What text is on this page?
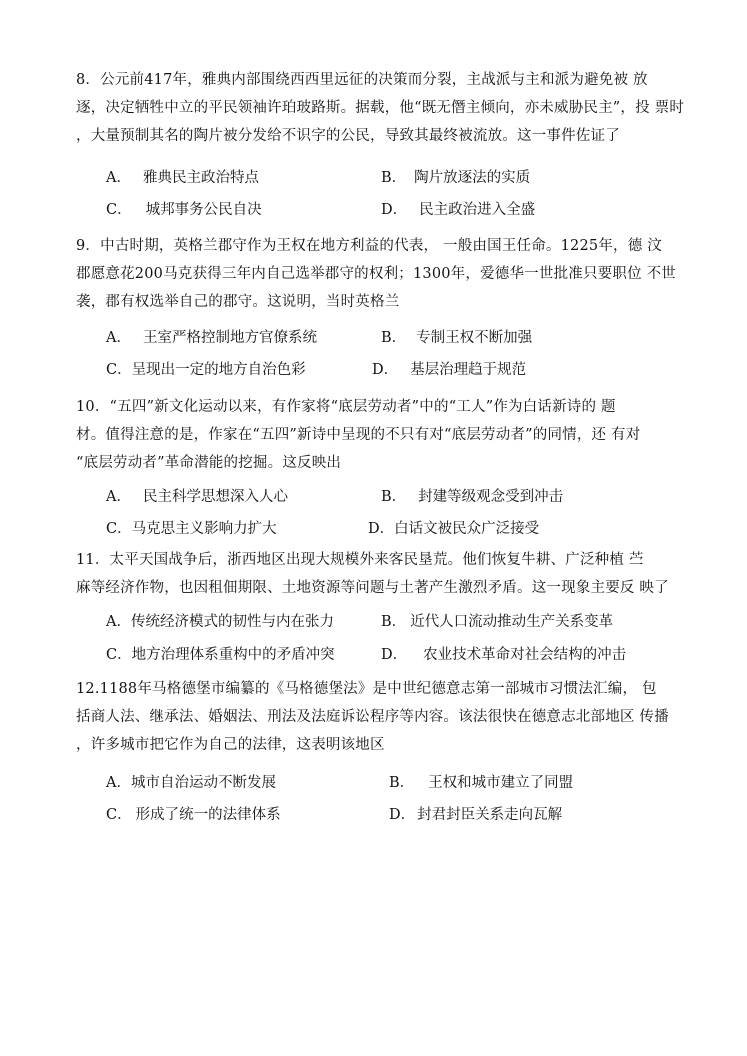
8．公元前417年，雅典内部围绕西西里远征的决策而分裂，主战派与主和派为避免被 放
逐，决定牺牲中立的平民领袖许珀玻路斯。据载，他“既无僭主倾向，亦未威胁民主”，投 票时
，大量预制其名的陶片被分发给不识字的公民，导致其最终被流放。这一事件佐证了
A． 雅典民主政治特点	B． 陶片放逐法的实质
C． 城邦事务公民自决	D． 民主政治进入全盛
9．中古时期，英格兰郡守作为王权在地方利益的代表， 一般由国王任命。1225年，德 汶
郡愿意花200马克获得三年内自己选举郡守的权利；1300年，爱德华一世批准只要职位 不世
袭，郡有权选举自己的郡守。这说明，当时英格兰
A． 王室严格控制地方官僚系统	B． 专制王权不断加强
C．呈现出一定的地方自治色彩	D． 基层治理趋于规范
10．“五四”新文化运动以来，有作家将“底层劳动者”中的“工人”作为白话新诗的 题
材。值得注意的是，作家在“五四”新诗中呈现的不只有对“底层劳动者”的同情，还 有对
“底层劳动者”革命潜能的挖掘。这反映出
A． 民主科学思想深入人心	B． 封建等级观念受到冲击
C．马克思主义影响力扩大	D．白话文被民众广泛接受
11．太平天国战争后，浙西地区出现大规模外来客民垦荒。他们恢复牛耕、广泛种植 苎
麻等经济作物，也因租佃期限、土地资源等问题与土著产生激烈矛盾。这一现象主要反 映了
A．传统经济模式的韧性与内在张力	B． 近代人口流动推动生产关系变革
C．地方治理体系重构中的矛盾冲突	D． 农业技术革命对社会结构的冲击
12.1188年马格德堡市编纂的《马格德堡法》是中世纪德意志第一部城市习惯法汇编， 包
括商人法、继承法、婚姻法、刑法及法庭诉讼程序等内容。该法很快在德意志北部地区 传播
，许多城市把它作为自己的法律，这表明该地区
A．城市自治运动不断发展	B． 王权和城市建立了同盟
C． 形成了统一的法律体系	D． 封君封臣关系走向瓦解
